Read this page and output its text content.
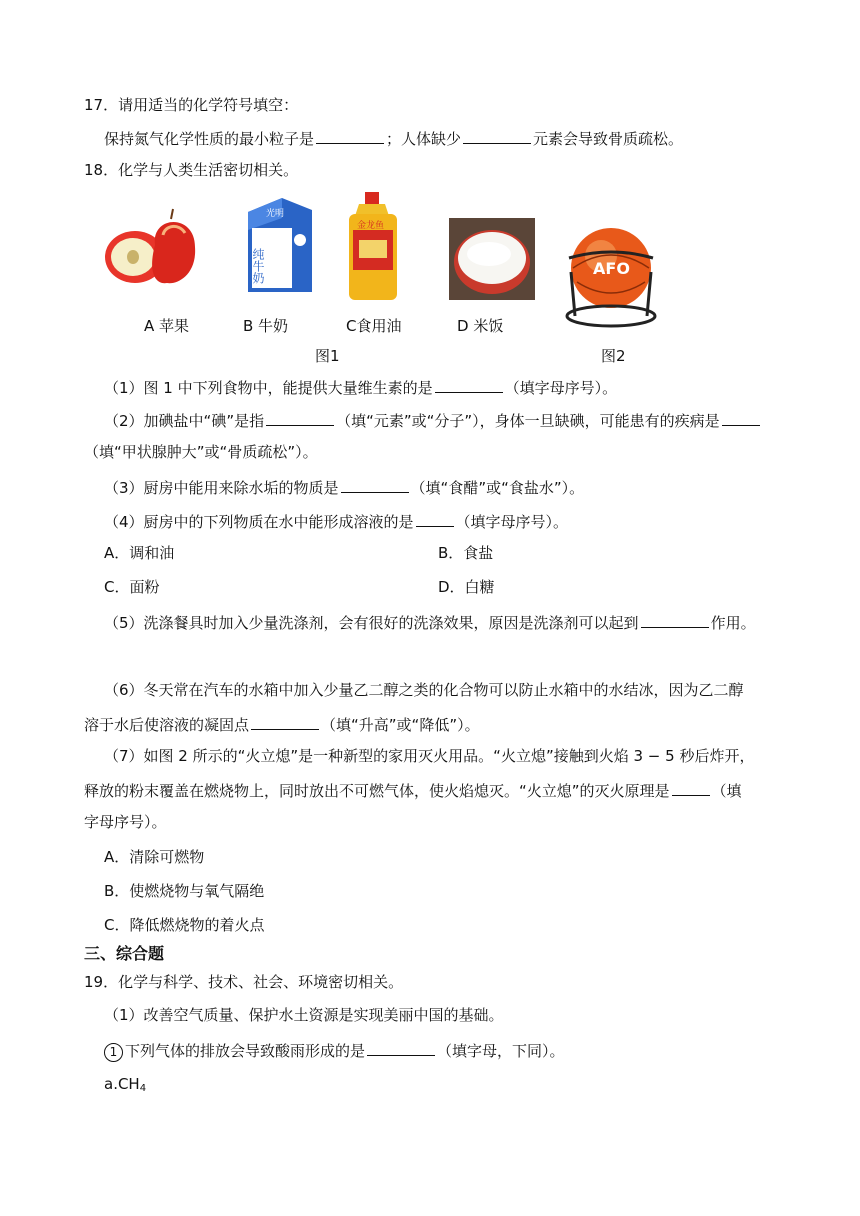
17．请用适当的化学符号填空：
保持氮气化学性质的最小粒子是	；人体缺少	元素会导致骨质疏松。
18．化学与人类生活密切相关。
光明
纯牛奶
金龙鱼
AFO
A 苹果	B 牛奶	C食用油	D 米饭
图1	图2
（1）图 1 中下列食物中，能提供大量维生素的是	（填字母序号）。
（2）加碘盐中“碘”是指	（填“元素”或“分子”），身体一旦缺碘，可能患有的疾病是
（填“甲状腺肿大”或“骨质疏松”）。
（3）厨房中能用来除水垢的物质是	（填“食醋”或“食盐水”）。
（4）厨房中的下列物质在水中能形成溶液的是	（填字母序号）。
A．调和油	B．食盐
C．面粉	D．白糖
（5）洗涤餐具时加入少量洗涤剂，会有很好的洗涤效果，原因是洗涤剂可以起到	作用。
（6）冬天常在汽车的水箱中加入少量乙二醇之类的化合物可以防止水箱中的水结冰，因为乙二醇
溶于水后使溶液的凝固点	（填“升高”或“降低”）。
（7）如图 2 所示的“火立熄”是一种新型的家用灭火用品。“火立熄”接触到火焰 3 − 5 秒后炸开，
释放的粉末覆盖在燃烧物上，同时放出不可燃气体，使火焰熄灭。“火立熄”的灭火原理是	（填
字母序号）。
A．清除可燃物
B．使燃烧物与氧气隔绝
C．降低燃烧物的着火点
三、综合题
19．化学与科学、技术、社会、环境密切相关。
（1）改善空气质量、保护水土资源是实现美丽中国的基础。
1 下列气体的排放会导致酸雨形成的是	（填字母，下同）。
a.CH4
